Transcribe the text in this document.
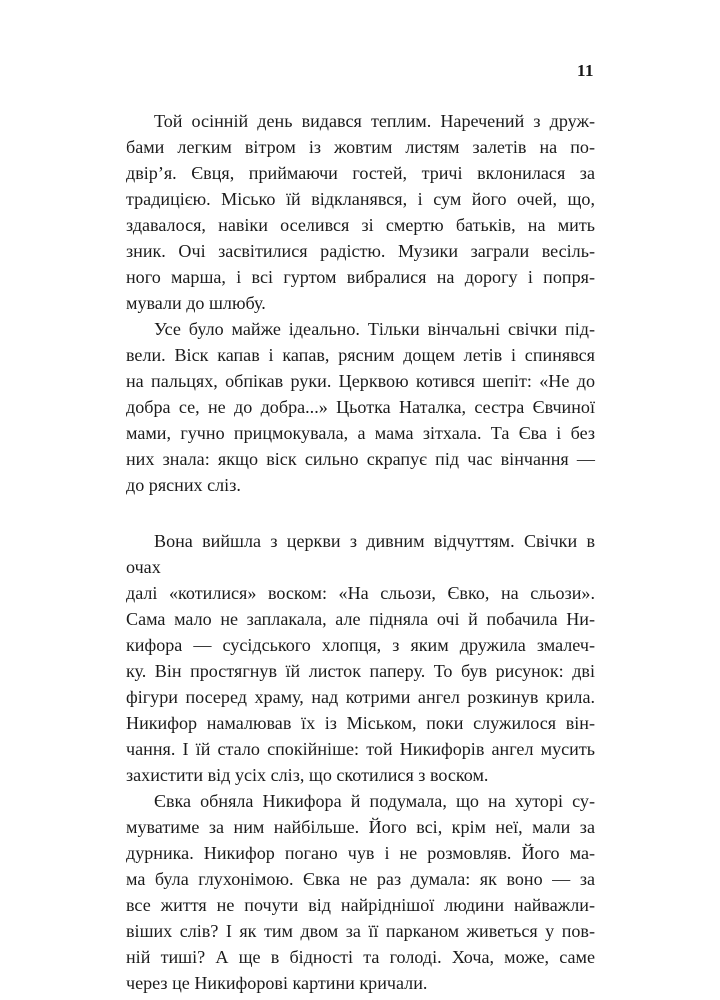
11

Той осінній день видався теплим. Наречений з друж-
бами легким вітром із жовтим листям залетів на по-
двір’я. Євця, приймаючи гостей, тричі вклонилася за
традицією. Місько їй відкланявся, і сум його очей, що,
здавалося, навіки оселився зі смертю батьків, на мить
зник. Очі засвітилися радістю. Музики заграли весіль-
ного марша, і всі гуртом вибралися на дорогу і попря-
мували до шлюбу.

Усе було майже ідеально. Тільки вінчальні свічки під-
вели. Віск капав і капав, рясним дощем летів і спинявся
на пальцях, обпікав руки. Церквою котився шепіт: «Не до
добра се, не до добра...» Цьотка Наталка, сестра Євчиної
мами, гучно прицмокувала, а мама зітхала. Та Єва і без
них знала: якщо віск сильно скрапує під час вінчання —
до рясних сліз.

Вона вийшла з церкви з дивним відчуттям. Свічки в очах
далі «котилися» воском: «На сльози, Євко, на сльози».
Сама мало не заплакала, але підняла очі й побачила Ни-
кифора — сусідського хлопця, з яким дружила змалеч-
ку. Він простягнув їй листок паперу. То був рисунок: дві
фігури посеред храму, над котрими ангел розкинув крила.
Никифор намалював їх із Міськом, поки служилося він-
чання. І їй стало спокійніше: той Никифорів ангел мусить
захистити від усіх сліз, що скотилися з воском.

Євка обняла Никифора й подумала, що на хуторі су-
муватиме за ним найбільше. Його всі, крім неї, мали за
дурника. Никифор погано чув і не розмовляв. Його ма-
ма була глухонімою. Євка не раз думала: як воно — за
все життя не почути від найріднішої людини найважли-
віших слів? І як тим двом за її парканом живеться у пов-
ній тиші? А ще в бідності та голоді. Хоча, може, саме
через це Никифорові картини кричали.
